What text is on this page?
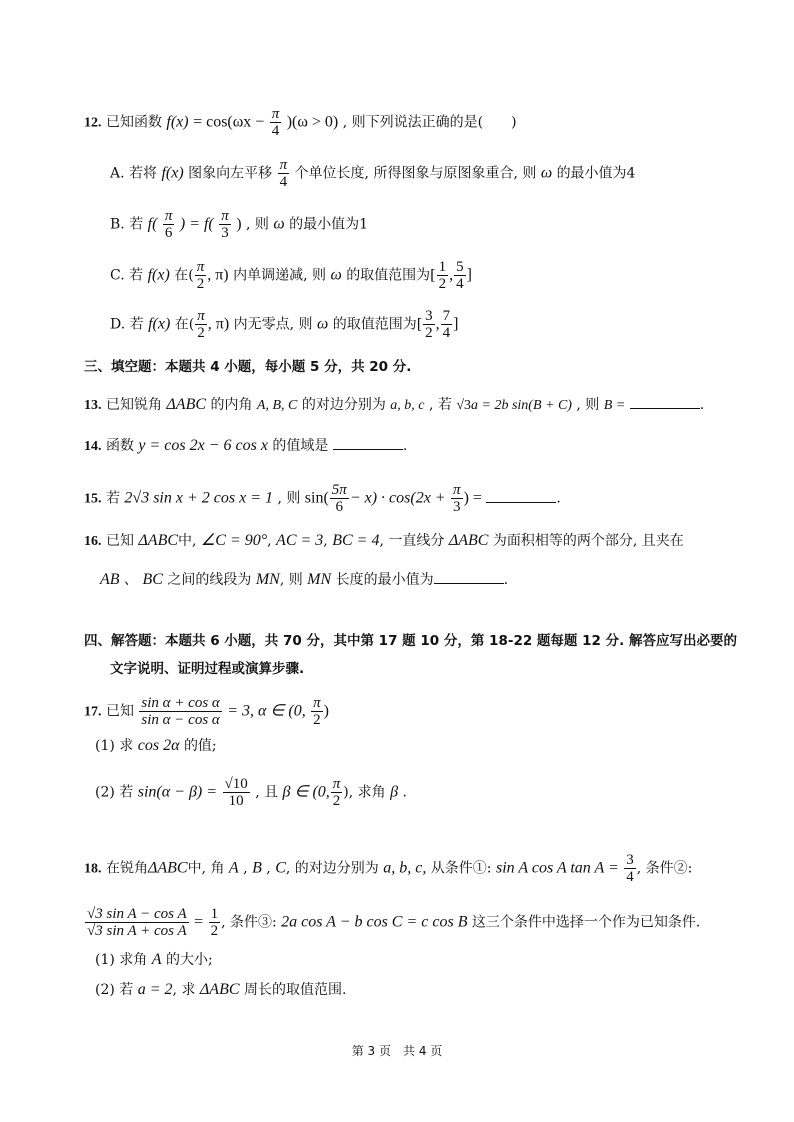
12. 已知函数 $f(x) = \cos(\omega x - \frac{\pi}{4} )(\omega > 0)$ , 则下列说法正确的是(　　)
A. 若将 f(x) 图象向左平移 $\frac{\pi}{4}$ 个单位长度, 所得图象与原图象重合, 则 ω 的最小值为4
B. 若 $f( \frac{\pi}{6}$ ) = $f( \frac{\pi}{3}$ ) , 则 ω 的最小值为1
C. 若 f(x) 在( $\frac{\pi}{2}$ , π) 内单调递减, 则 ω 的取值范围为[ $\frac{1}{2}$ , $\frac{5}{4}$ ]
D. 若 f(x) 在( $\frac{\pi}{2}$ , π) 内无零点, 则 ω 的取值范围为[ $\frac{3}{2}$ , $\frac{7}{4}$ ]
三、填空题：本题共 4 小题，每小题 5 分，共 20 分.
13. 已知锐角 ΔABC 的内角 A, B, C 的对边分别为 a, b, c , 若 √3a = 2b sin(B + C) , 则 B =	.
14. 函数 y = cos 2x − 6 cos x 的值域是	.
15. 若 2√3 sin x + 2 cos x = 1 , 则 $\sin( \frac{5\pi}{6} - x) \cdot \cos(2x + \frac{\pi}{3}$ ) =	.
16. 已知 ΔABC中, ∠C = 90°, AC = 3, BC = 4, 一直线分 ΔABC 为面积相等的两个部分, 且夹在
AB 、 BC 之间的线段为 MN, 则 MN 长度的最小值为	.
四、解答题：本题共 6 小题，共 70 分，其中第 17 题 10 分，第 18-22 题每题 12 分. 解答应写出必要的
文字说明、证明过程或演算步骤.
17. 已知 $\frac{\text{sin α + cos α}}{\text{sin α − cos α}} = 3$, α ∈ (0, $\frac{\pi}{2}$ )
(1) 求 cos 2α 的值;
(2) 若 $\sin(\alpha - \beta) = \frac{√10}{10}$ , 且 β ∈ (0, $\frac{\pi}{2}$ ), 求角 β .
18. 在锐角ΔABC中, 角 A , B , C, 的对边分别为 a, b, c, 从条件①: sin A cos A $\tan A = \frac{3}{4}$ , 条件②:
$\frac{\text{√3 sin A − cos A}}{\text{√3 sin A + cos A}} = \frac{1}{2}$ , 条件③: 2a cos A − b cos C = c cos B 这三个条件中选择一个作为已知条件.
(1) 求角 A 的大小;
(2) 若 a = 2, 求 ΔABC 周长的取值范围.
第 3 页　共 4 页
